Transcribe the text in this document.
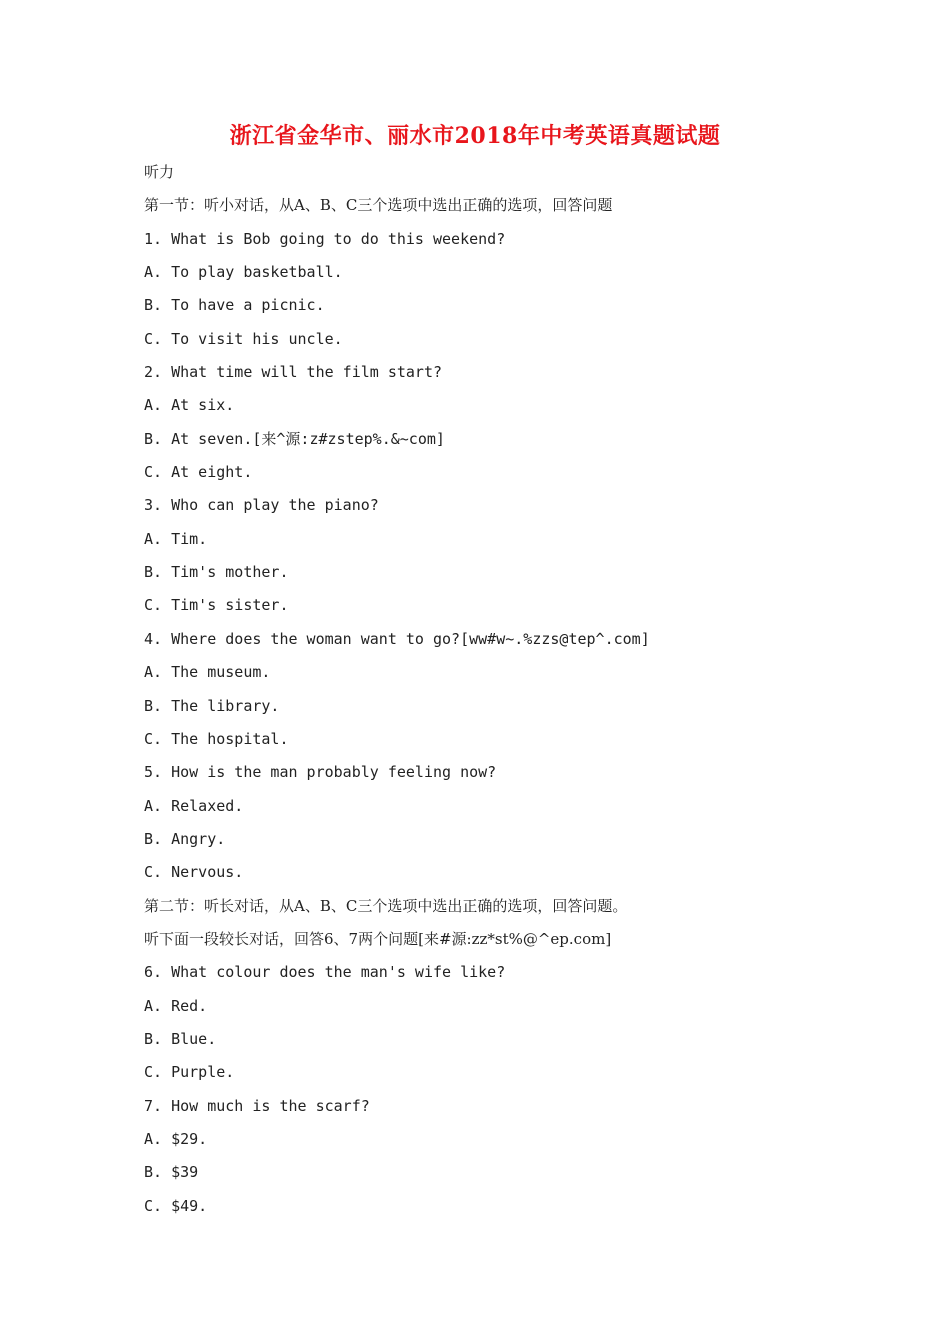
浙江省金华市、丽水市2018年中考英语真题试题
听力
第一节：听小对话，从A、B、C三个选项中选出正确的选项，回答问题
1. What is Bob going to do this weekend?
A. To play basketball.
B. To have a picnic.
C. To visit his uncle.
2. What time will the film start?
A. At six.
B. At seven.[来^源:z#zstep%.&~com]
C. At eight.
3. Who can play the piano?
A. Tim.
B. Tim's mother.
C. Tim's sister.
4. Where does the woman want to go?[ww#w~.%zzs@tep^.com]
A. The museum.
B. The library.
C. The hospital.
5. How is the man probably feeling now?
A. Relaxed.
B. Angry.
C. Nervous.
第二节：听长对话，从A、B、C三个选项中选出正确的选项，回答问题。
听下面一段较长对话，回答6、7两个问题[来#源:zz*st%@^ep.com]
6. What colour does the man's wife like?
A. Red.
B. Blue.
C. Purple.
7. How much is the scarf?
A. $29.
B. $39
C. $49.
